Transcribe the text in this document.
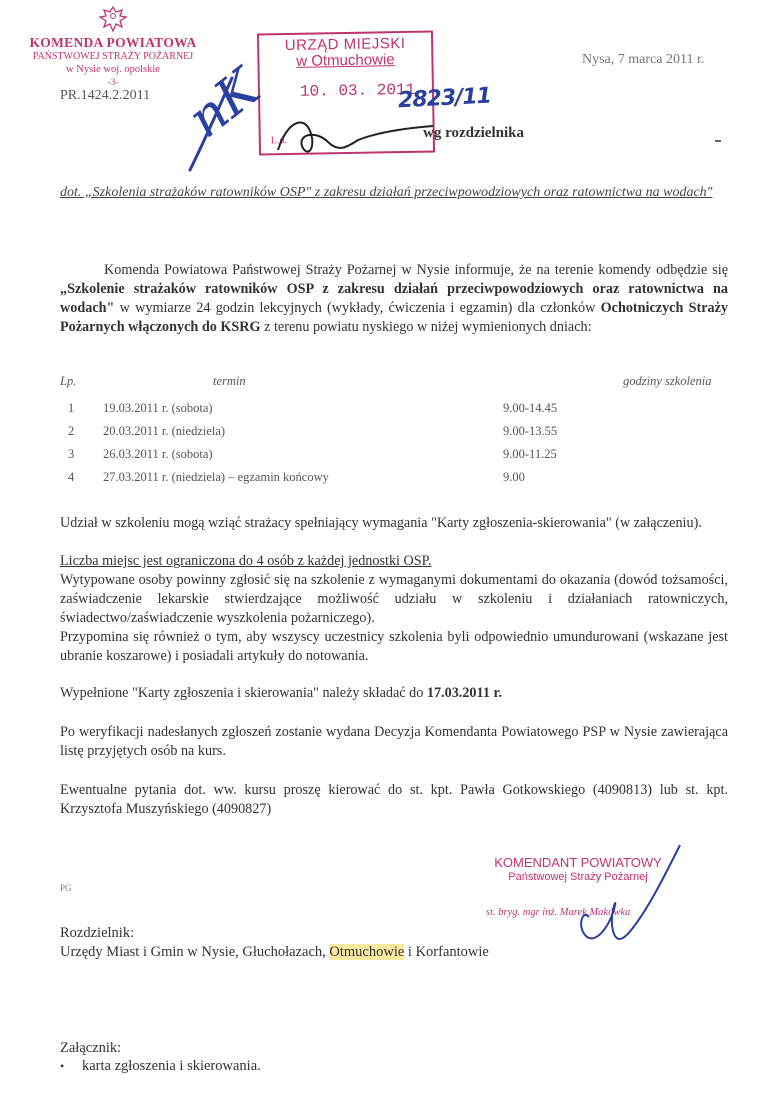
KOMENDA POWIATOWA
PAŃSTWOWEJ STRAŻY POŻARNEJ
w Nysie woj. opolskie
-3-
PR.1424.2.2011
Nysa, 7 marca 2011 r.
URZĄD MIEJSKI
w Otmuchowie
10. 03. 2011
L.d.
2823/11
nK	wg rozdzielnika
dot. „Szkolenia strażaków ratowników OSP" z zakresu działań przeciwpowodziowych oraz ratownictwa na wodach"
Komenda Powiatowa Państwowej Straży Pożarnej w Nysie informuje, że na terenie komendy odbędzie się „Szkolenie strażaków ratowników OSP z zakresu działań przeciwpowodziowych oraz ratownictwa na wodach" w wymiarze 24 godzin lekcyjnych (wykłady, ćwiczenia i egzamin) dla członków Ochotniczych Straży Pożarnych włączonych do KSRG z terenu powiatu nyskiego w niżej wymienionych dniach:
Lp.	termin	godziny szkolenia
1	19.03.2011 r. (sobota)	9.00-14.45
2	20.03.2011 r. (niedziela)	9.00-13.55
3	26.03.2011 r. (sobota)	9.00-11.25
4	27.03.2011 r. (niedziela) – egzamin końcowy	9.00
Udział w szkoleniu mogą wziąć strażacy spełniający wymagania "Karty zgłoszenia-skierowania" (w załączeniu).
Liczba miejsc jest ograniczona do 4 osób z każdej jednostki OSP.
Wytypowane osoby powinny zgłosić się na szkolenie z wymaganymi dokumentami do okazania (dowód tożsamości, zaświadczenie lekarskie stwierdzające możliwość udziału w szkoleniu i działaniach ratowniczych, świadectwo/zaświadczenie wyszkolenia pożarniczego).
Przypomina się również o tym, aby wszyscy uczestnicy szkolenia byli odpowiednio umundurowani (wskazane jest ubranie koszarowe) i posiadali artykuły do notowania.
Wypełnione "Karty zgłoszenia i skierowania" należy składać do 17.03.2011 r.
Po weryfikacji nadesłanych zgłoszeń zostanie wydana Decyzja Komendanta Powiatowego PSP w Nysie zawierająca listę przyjętych osób na kurs.
Ewentualne pytania dot. ww. kursu proszę kierować do st. kpt. Pawła Gotkowskiego (4090813) lub st. kpt. Krzysztofa Muszyńskiego (4090827)
KOMENDANT POWIATOWY
Państwowej Straży Pożarnej
st. bryg. mgr inż. Marek Makówka
PG
Rozdzielnik:
Urzędy Miast i Gmin w Nysie, Głuchołazach, Otmuchowie i Korfantowie
Załącznik:
• karta zgłoszenia i skierowania.
